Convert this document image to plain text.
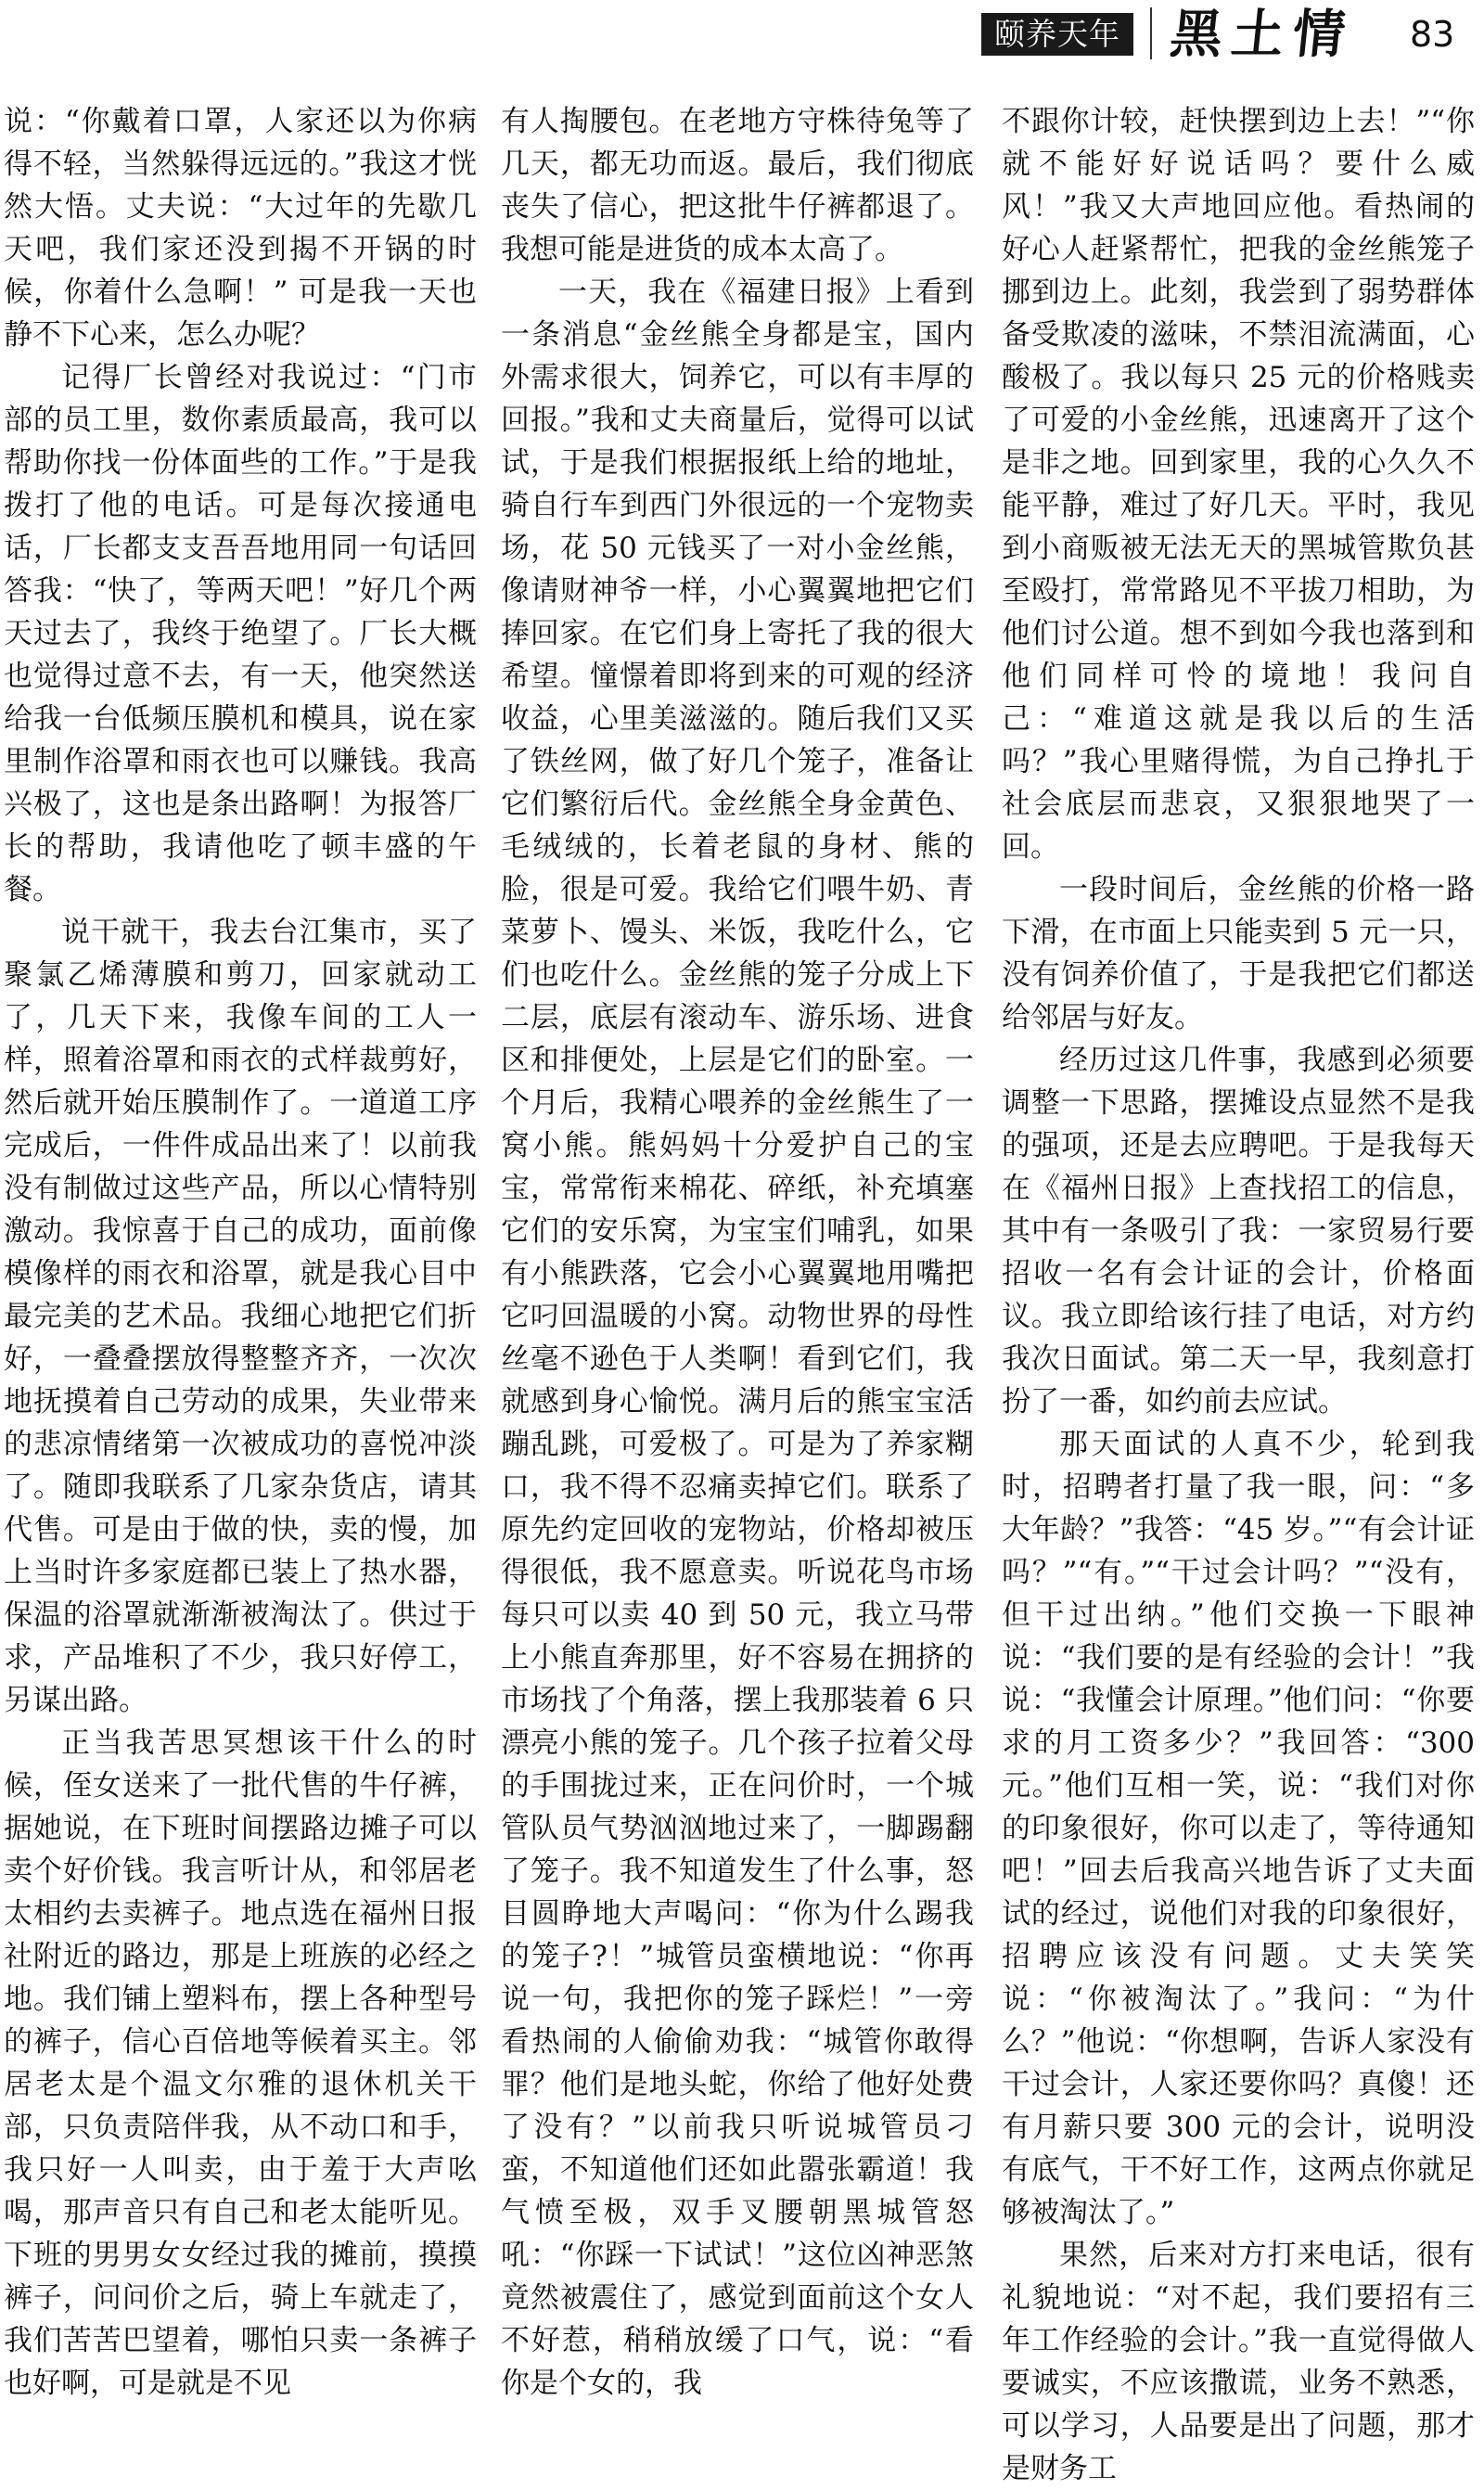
颐养天年 黑土情 83

说：“你戴着口罩，人家还以为你病得不轻，当然躲得远远的。”我这才恍然大悟。丈夫说：“大过年的先歇几天吧，我们家还没到揭不开锅的时候，你着什么急啊！” 可是我一天也静不下心来，怎么办呢？

记得厂长曾经对我说过：“门市部的员工里，数你素质最高，我可以帮助你找一份体面些的工作。”于是我拨打了他的电话。可是每次接通电话，厂长都支支吾吾地用同一句话回答我：“快了，等两天吧！”好几个两天过去了，我终于绝望了。厂长大概也觉得过意不去，有一天，他突然送给我一台低频压膜机和模具，说在家里制作浴罩和雨衣也可以赚钱。我高兴极了，这也是条出路啊！为报答厂长的帮助，我请他吃了顿丰盛的午餐。

说干就干，我去台江集市，买了聚氯乙烯薄膜和剪刀，回家就动工了，几天下来，我像车间的工人一样，照着浴罩和雨衣的式样裁剪好，然后就开始压膜制作了。一道道工序完成后，一件件成品出来了！以前我没有制做过这些产品，所以心情特别激动。我惊喜于自己的成功，面前像模像样的雨衣和浴罩，就是我心目中最完美的艺术品。我细心地把它们折好，一叠叠摆放得整整齐齐，一次次地抚摸着自己劳动的成果，失业带来的悲凉情绪第一次被成功的喜悦冲淡了。随即我联系了几家杂货店，请其代售。可是由于做的快，卖的慢，加上当时许多家庭都已装上了热水器，保温的浴罩就渐渐被淘汰了。供过于求，产品堆积了不少，我只好停工，另谋出路。

正当我苦思冥想该干什么的时候，侄女送来了一批代售的牛仔裤，据她说，在下班时间摆路边摊子可以卖个好价钱。我言听计从，和邻居老太相约去卖裤子。地点选在福州日报社附近的路边，那是上班族的必经之地。我们铺上塑料布，摆上各种型号的裤子，信心百倍地等候着买主。邻居老太是个温文尔雅的退休机关干部，只负责陪伴我，从不动口和手，我只好一人叫卖，由于羞于大声吆喝，那声音只有自己和老太能听见。下班的男男女女经过我的摊前，摸摸裤子，问问价之后，骑上车就走了，我们苦苦巴望着，哪怕只卖一条裤子也好啊，可是就是不见

有人掏腰包。在老地方守株待兔等了几天，都无功而返。最后，我们彻底丧失了信心，把这批牛仔裤都退了。我想可能是进货的成本太高了。

一天，我在《福建日报》上看到一条消息“金丝熊全身都是宝，国内外需求很大，饲养它，可以有丰厚的回报。”我和丈夫商量后，觉得可以试试，于是我们根据报纸上给的地址，骑自行车到西门外很远的一个宠物卖场，花 50 元钱买了一对小金丝熊，像请财神爷一样，小心翼翼地把它们捧回家。在它们身上寄托了我的很大希望。憧憬着即将到来的可观的经济收益，心里美滋滋的。随后我们又买了铁丝网，做了好几个笼子，准备让它们繁衍后代。金丝熊全身金黄色、毛绒绒的，长着老鼠的身材、熊的脸，很是可爱。我给它们喂牛奶、青菜萝卜、馒头、米饭，我吃什么，它们也吃什么。金丝熊的笼子分成上下二层，底层有滚动车、游乐场、进食区和排便处，上层是它们的卧室。一个月后，我精心喂养的金丝熊生了一窝小熊。熊妈妈十分爱护自己的宝宝，常常衔来棉花、碎纸，补充填塞它们的安乐窝，为宝宝们哺乳，如果有小熊跌落，它会小心翼翼地用嘴把它叼回温暖的小窝。动物世界的母性丝毫不逊色于人类啊！看到它们，我就感到身心愉悦。满月后的熊宝宝活蹦乱跳，可爱极了。可是为了养家糊口，我不得不忍痛卖掉它们。联系了原先约定回收的宠物站，价格却被压得很低，我不愿意卖。听说花鸟市场每只可以卖 40 到 50 元，我立马带上小熊直奔那里，好不容易在拥挤的市场找了个角落，摆上我那装着 6 只漂亮小熊的笼子。几个孩子拉着父母的手围拢过来，正在问价时，一个城管队员气势汹汹地过来了，一脚踢翻了笼子。我不知道发生了什么事，怒目圆睁地大声喝问：“你为什么踢我的笼子?！”城管员蛮横地说：“你再说一句，我把你的笼子踩烂！”一旁看热闹的人偷偷劝我：“城管你敢得罪？他们是地头蛇，你给了他好处费了没有？”以前我只听说城管员刁蛮，不知道他们还如此嚣张霸道！我气愤至极，双手叉腰朝黑城管怒吼：“你踩一下试试！”这位凶神恶煞竟然被震住了，感觉到面前这个女人不好惹，稍稍放缓了口气，说：“看你是个女的，我

不跟你计较，赶快摆到边上去！”“你就不能好好说话吗？要什么威风！”我又大声地回应他。看热闹的好心人赶紧帮忙，把我的金丝熊笼子挪到边上。此刻，我尝到了弱势群体备受欺凌的滋味，不禁泪流满面，心酸极了。我以每只 25 元的价格贱卖了可爱的小金丝熊，迅速离开了这个是非之地。回到家里，我的心久久不能平静，难过了好几天。平时，我见到小商贩被无法无天的黑城管欺负甚至殴打，常常路见不平拔刀相助，为他们讨公道。想不到如今我也落到和他们同样可怜的境地！我问自己：“难道这就是我以后的生活吗？”我心里赌得慌，为自己挣扎于社会底层而悲哀，又狠狠地哭了一回。

一段时间后，金丝熊的价格一路下滑，在市面上只能卖到 5 元一只，没有饲养价值了，于是我把它们都送给邻居与好友。

经历过这几件事，我感到必须要调整一下思路，摆摊设点显然不是我的强项，还是去应聘吧。于是我每天在《福州日报》上查找招工的信息，其中有一条吸引了我：一家贸易行要招收一名有会计证的会计，价格面议。我立即给该行挂了电话，对方约我次日面试。第二天一早，我刻意打扮了一番，如约前去应试。

那天面试的人真不少，轮到我时，招聘者打量了我一眼，问：“多大年龄？”我答：“45 岁。”“有会计证吗？”“有。”“干过会计吗？”“没有，但干过出纳。”他们交换一下眼神说：“我们要的是有经验的会计！”我说：“我懂会计原理。”他们问：“你要求的月工资多少？”我回答：“300 元。”他们互相一笑，说：“我们对你的印象很好，你可以走了，等待通知吧！”回去后我高兴地告诉了丈夫面试的经过，说他们对我的印象很好，招聘应该没有问题。丈夫笑笑说：“你被淘汰了。”我问：“为什么？”他说：“你想啊，告诉人家没有干过会计，人家还要你吗？真傻！还有月薪只要 300 元的会计，说明没有底气，干不好工作，这两点你就足够被淘汰了。”

果然，后来对方打来电话，很有礼貌地说：“对不起，我们要招有三年工作经验的会计。”我一直觉得做人要诚实，不应该撒谎，业务不熟悉，可以学习，人品要是出了问题，那才是财务工
